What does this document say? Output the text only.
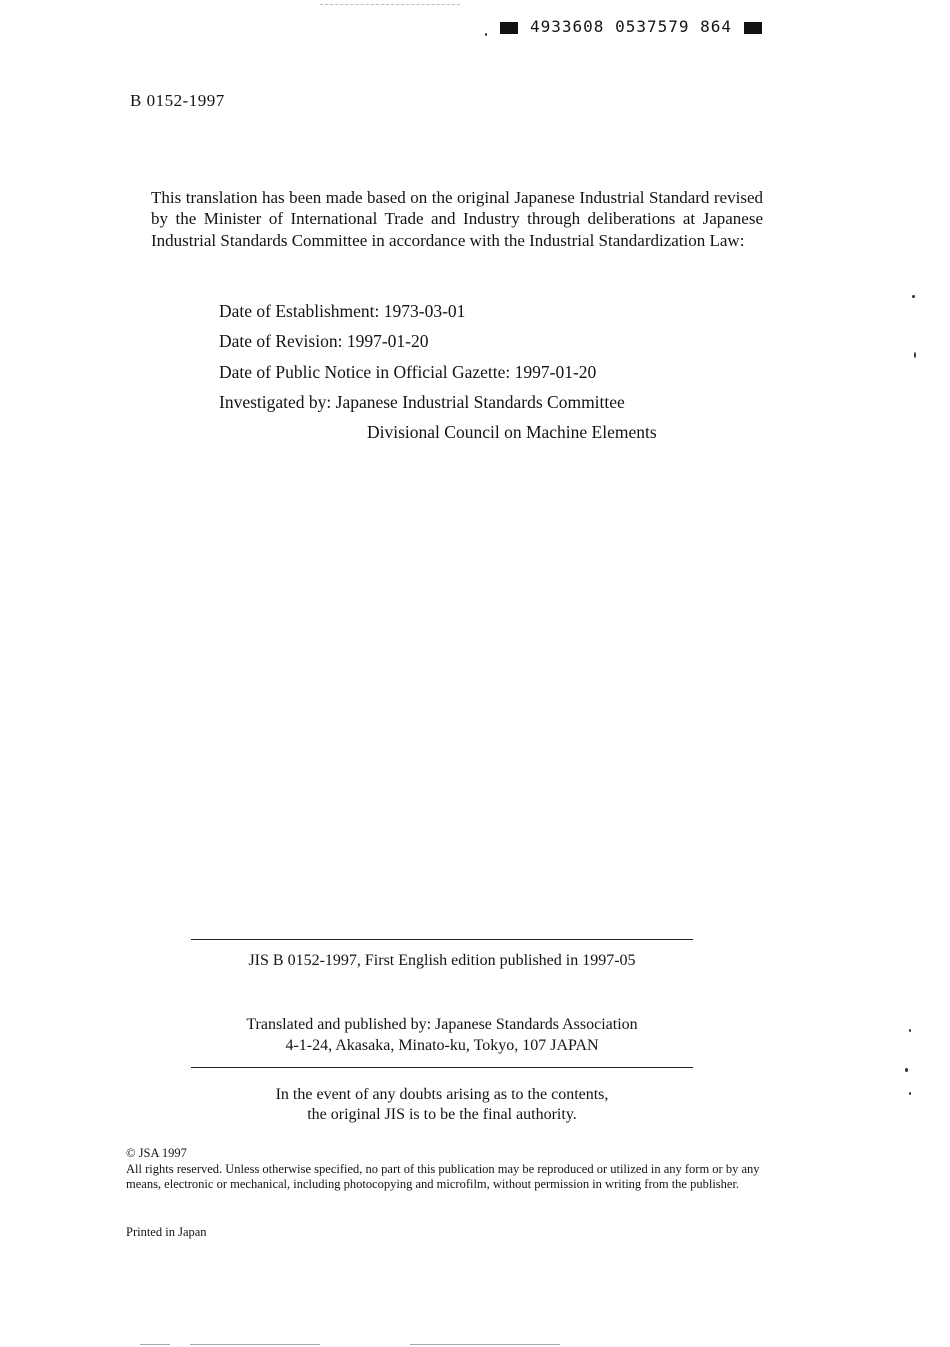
4933608 0537579 864
B 0152-1997
This translation has been made based on the original Japanese Industrial Standard revised by the Minister of International Trade and Industry through deliberations at Japanese Industrial Standards Committee in accordance with the Industrial Standardization Law:
Date of Establishment: 1973-03-01
Date of Revision: 1997-01-20
Date of Public Notice in Official Gazette: 1997-01-20
Investigated by: Japanese Industrial Standards Committee
Divisional Council on Machine Elements
JIS B 0152-1997, First English edition published in 1997-05
Translated and published by: Japanese Standards Association
4-1-24, Akasaka, Minato-ku, Tokyo, 107 JAPAN
In the event of any doubts arising as to the contents,
the original JIS is to be the final authority.
© JSA 1997
All rights reserved. Unless otherwise specified, no part of this publication may be reproduced or utilized in any form or by any means, electronic or mechanical, including photocopying and microfilm, without permission in writing from the publisher.
Printed in Japan
